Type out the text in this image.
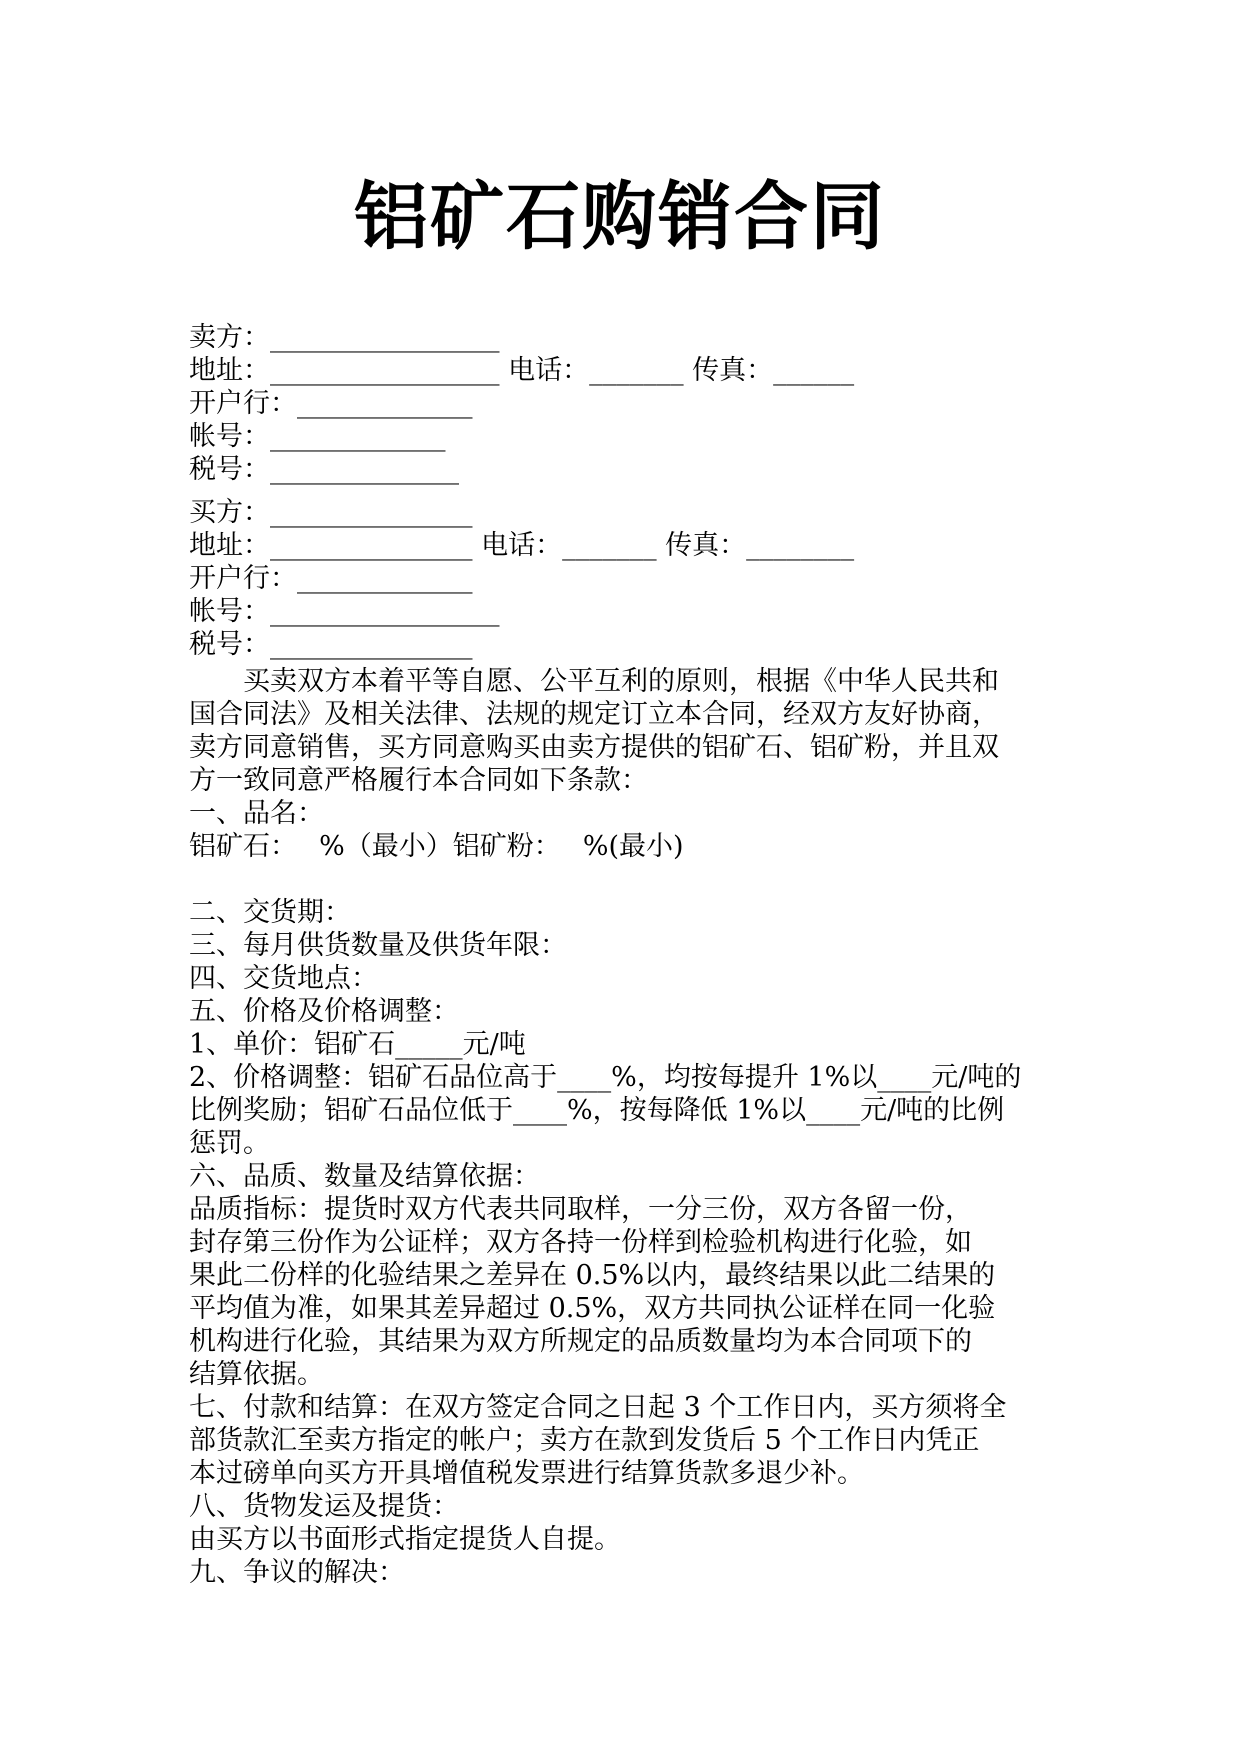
铝矿石购销合同
卖方：_________________
地址：_________________ 电话：_______ 传真：______
开户行：_____________
帐号：_____________
税号：______________
买方：_______________
地址：_______________ 电话：_______ 传真：________
开户行：_____________
帐号：_________________
税号：_______________
　　买卖双方本着平等自愿、公平互利的原则，根据《中华人民共和
国合同法》及相关法律、法规的规定订立本合同，经双方友好协商，
卖方同意销售，买方同意购买由卖方提供的铝矿石、铝矿粉，并且双
方一致同意严格履行本合同如下条款：
一、品名：
铝矿石：　 %（最小）铝矿粉：　 %(最小)
二、交货期：
三、每月供货数量及供货年限：
四、交货地点：
五、价格及价格调整：
1、单价：铝矿石_____元/吨
2、价格调整：铝矿石品位高于____%，均按每提升 1%以____元/吨的
比例奖励；铝矿石品位低于____%，按每降低 1%以____元/吨的比例
惩罚。
六、品质、数量及结算依据：
品质指标：提货时双方代表共同取样，一分三份，双方各留一份，
封存第三份作为公证样；双方各持一份样到检验机构进行化验，如
果此二份样的化验结果之差异在 0.5%以内，最终结果以此二结果的
平均值为准，如果其差异超过 0.5%，双方共同执公证样在同一化验
机构进行化验，其结果为双方所规定的品质数量均为本合同项下的
结算依据。
七、付款和结算：在双方签定合同之日起 3 个工作日内，买方须将全
部货款汇至卖方指定的帐户；卖方在款到发货后 5 个工作日内凭正
本过磅单向买方开具增值税发票进行结算货款多退少补。
八、货物发运及提货：
由买方以书面形式指定提货人自提。
九、争议的解决：
